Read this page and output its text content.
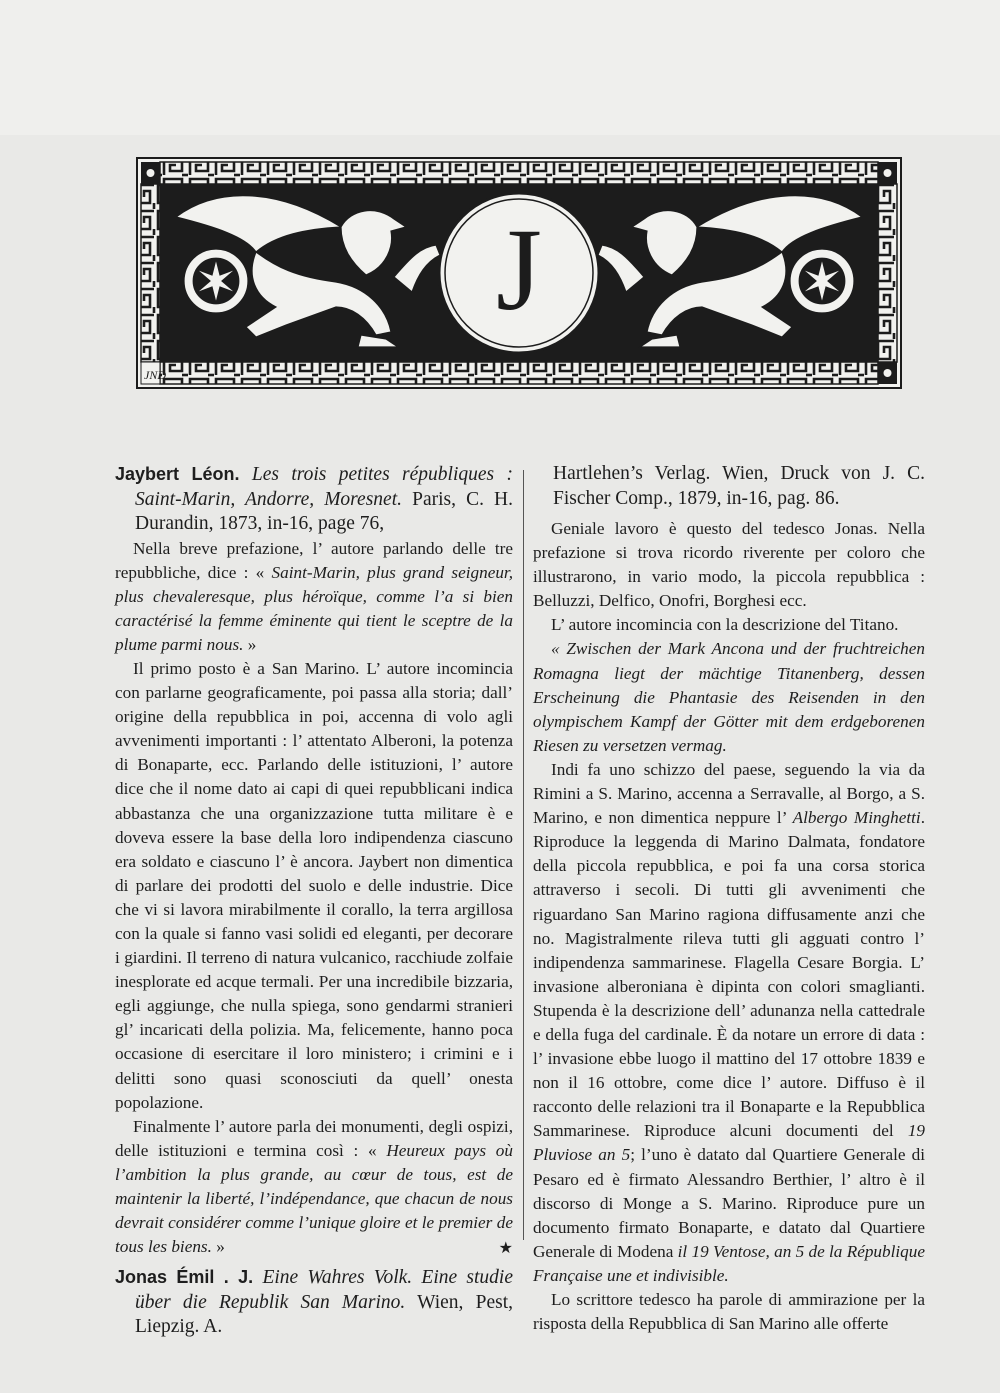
JND
J

Jaybert Léon. Les trois petites républiques : Saint-Marin, Andorre, Moresnet. Paris, C. H. Durandin, 1873, in-16, page 76,

Nella breve prefazione, l’ autore parlando delle tre repubbliche, dice : « Saint-Marin, plus grand seigneur, plus chevaleresque, plus héroïque, comme l’a si bien caractérisé la femme éminente qui tient le sceptre de la plume parmi nous. »

Il primo posto è a San Marino. L’ autore incomincia con parlarne geograficamente, poi passa alla storia; dall’ origine della repubblica in poi, accenna di volo agli avvenimenti importanti : l’ attentato Alberoni, la potenza di Bonaparte, ecc. Parlando delle istituzioni, l’ autore dice che il nome dato ai capi di quei repubblicani indica abbastanza che una organizzazione tutta militare è e doveva essere la base della loro indipendenza ciascuno era soldato e ciascuno l’ è ancora. Jaybert non dimentica di parlare dei prodotti del suolo e delle industrie. Dice che vi si lavora mirabilmente il corallo, la terra argillosa con la quale si fanno vasi solidi ed eleganti, per decorare i giardini. Il terreno di natura vulcanico, racchiude zolfaie inesplorate ed acque termali. Per una incredibile bizzaria, egli aggiunge, che nulla spiega, sono gendarmi stranieri gl’ incaricati della polizia. Ma, felicemente, hanno poca occasione di esercitare il loro ministero; i crimini e i delitti sono quasi sconosciuti da quell’ onesta popolazione.

Finalmente l’ autore parla dei monumenti, degli ospizi, delle istituzioni e termina così : « Heureux pays où l’ambition la plus grande, au cœur de tous, est de maintenir la liberté, l’indépendance, que chacun de nous devrait considérer comme l’unique gloire et le premier de tous les biens. »	★

Jonas Émil . J. Eine Wahres Volk. Eine studie über die Republik San Marino. Wien, Pest, Liepzig. A.

Hartlehen’s Verlag. Wien, Druck von J. C. Fischer Comp., 1879, in-16, pag. 86.

Geniale lavoro è questo del tedesco Jonas. Nella prefazione si trova ricordo riverente per coloro che illustrarono, in vario modo, la piccola repubblica : Belluzzi, Delfico, Onofri, Borghesi ecc.

L’ autore incomincia con la descrizione del Titano.

« Zwischen der Mark Ancona und der fruchtreichen Romagna liegt der mächtige Titanenberg, dessen Erscheinung die Phantasie des Reisenden in den olympischem Kampf der Götter mit dem erdgeborenen Riesen zu versetzen vermag.

Indi fa uno schizzo del paese, seguendo la via da Rimini a S. Marino, accenna a Serravalle, al Borgo, a S. Marino, e non dimentica neppure l’ Albergo Minghetti. Riproduce la leggenda di Marino Dalmata, fondatore della piccola repubblica, e poi fa una corsa storica attraverso i secoli. Di tutti gli avvenimenti che riguardano San Marino ragiona diffusamente anzi che no. Magistralmente rileva tutti gli agguati contro l’ indipendenza sammarinese. Flagella Cesare Borgia. L’ invasione alberoniana è dipinta con colori smaglianti. Stupenda è la descrizione dell’ adunanza nella cattedrale e della fuga del cardinale. È da notare un errore di data : l’ invasione ebbe luogo il mattino del 17 ottobre 1839 e non il 16 ottobre, come dice l’ autore. Diffuso è il racconto delle relazioni tra il Bonaparte e la Repubblica Sammarinese. Riproduce alcuni documenti del 19 Pluviose an 5; l’uno è datato dal Quartiere Generale di Pesaro ed è firmato Alessandro Berthier, l’ altro è il discorso di Monge a S. Marino. Riproduce pure un documento firmato Bonaparte, e datato dal Quartiere Generale di Modena il 19 Ventose, an 5 de la République Française une et indivisible.

Lo scrittore tedesco ha parole di ammirazione per la risposta della Repubblica di San Marino alle offerte
